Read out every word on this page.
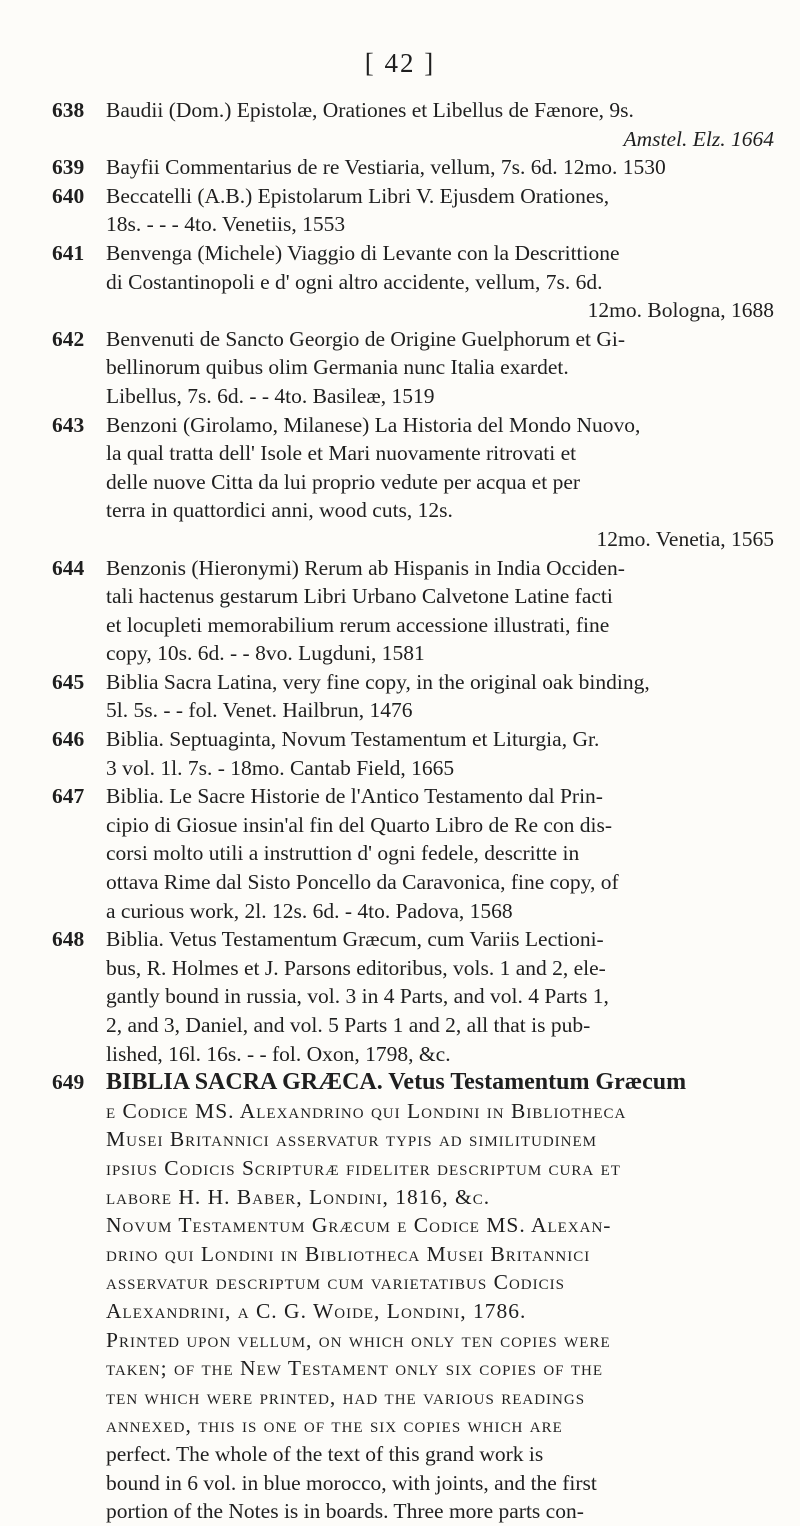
[ 42 ]
638 Baudii (Dom.) Epistolæ, Orationes et Libellus de Fænore, 9s.
Amstel. Elz. 1664
639 Bayfii Commentarius de re Vestiaria, vellum, 7s. 6d. 12mo. 1530
640 Beccatelli (A.B.) Epistolarum Libri V. Ejusdem Orationes,
18s. - - - 4to. Venetiis, 1553
641 Benvenga (Michele) Viaggio di Levante con la Descrittione
di Costantinopoli e d' ogni altro accidente, vellum, 7s. 6d.
12mo. Bologna, 1688
642 Benvenuti de Sancto Georgio de Origine Guelphorum et Gi-
bellinorum quibus olim Germania nunc Italia exardet.
Libellus, 7s. 6d. - - 4to. Basileæ, 1519
643 Benzoni (Girolamo, Milanese) La Historia del Mondo Nuovo,
la qual tratta dell' Isole et Mari nuovamente ritrovati et
delle nuove Citta da lui proprio vedute per acqua et per
terra in quattordici anni, wood cuts, 12s.
12mo. Venetia, 1565
644 Benzonis (Hieronymi) Rerum ab Hispanis in India Occiden-
tali hactenus gestarum Libri Urbano Calvetone Latine facti
et locupleti memorabilium rerum accessione illustrati, fine
copy, 10s. 6d. - - 8vo. Lugduni, 1581
645 Biblia Sacra Latina, very fine copy, in the original oak binding,
5l. 5s. - - fol. Venet. Hailbrun, 1476
646 Biblia. Septuaginta, Novum Testamentum et Liturgia, Gr.
3 vol. 1l. 7s. - 18mo. Cantab Field, 1665
647 Biblia. Le Sacre Historie de l'Antico Testamento dal Prin-
cipio di Giosue insin'al fin del Quarto Libro de Re con dis-
corsi molto utili a instruttion d' ogni fedele, descritte in
ottava Rime dal Sisto Poncello da Caravonica, fine copy, of
a curious work, 2l. 12s. 6d. - 4to. Padova, 1568
648 Biblia. Vetus Testamentum Græcum, cum Variis Lectioni-
bus, R. Holmes et J. Parsons editoribus, vols. 1 and 2, ele-
gantly bound in russia, vol. 3 in 4 Parts, and vol. 4 Parts 1,
2, and 3, Daniel, and vol. 5 Parts 1 and 2, all that is pub-
lished, 16l. 16s. - - fol. Oxon, 1798, &c.
649 BIBLIA SACRA GRÆCA. Vetus Testamentum Græcum
e Codice MS. Alexandrino qui Londini in Bibliotheca
Musei Britannici asservatur typis ad similitudinem
ipsius Codicis Scripturæ fideliter descriptum cura et
labore H. H. Baber, Londini, 1816, &c.
Novum Testamentum Græcum e Codice MS. Alexan-
drino qui Londini in Bibliotheca Musei Britannici
asservatur descriptum cum varietatibus Codicis
Alexandrini, a C. G. Woide, Londini, 1786.
Printed upon vellum, on which only ten copies were
taken; of the New Testament only six copies of the
ten which were printed, had the various readings
annexed, this is one of the six copies which are
perfect. The whole of the text of this grand work is
bound in 6 vol. in blue morocco, with joints, and the first
portion of the Notes is in boards. Three more parts con-
